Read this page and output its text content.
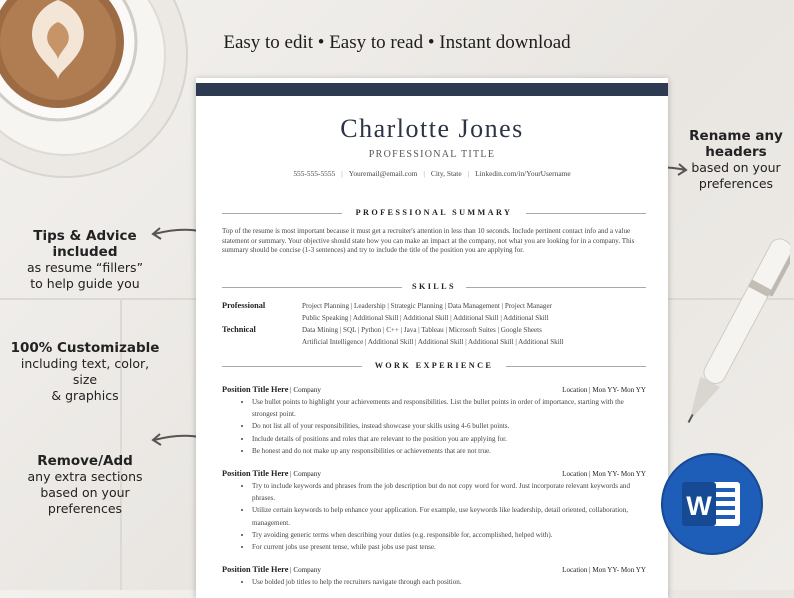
Easy to edit • Easy to read • Instant download
Tips & Advice included
as resume “fillers”
to help guide you
100% Customizable
including text, color, size
& graphics
Remove/Add
any extra sections
based on your
preferences
Rename any headers
based on your
preferences
Charlotte Jones
PROFESSIONAL TITLE
555-555-5555 | Youremail@email.com | City, State | Linkedin.com/in/YourUsername
PROFESSIONAL SUMMARY
Top of the resume is most important because it must get a recruiter's attention in less than 10 seconds. Include pertinent contact info and a value statement or summary. Your objective should state how you can make an impact at the company, not what you are looking for in a company. This summary should be concise (1-3 sentences) and try to include the title of the position you are applying for.
SKILLS
Professional	Project Planning | Leadership | Strategic Planning | Data Management | Project Manager
Public Speaking | Additional Skill | Additional Skill | Additional Skill | Additional Skill
Technical	Data Mining | SQL | Python | C++ | Java | Tableau | Microsoft Suites | Google Sheets
Artificial Intelligence | Additional Skill | Additional Skill | Additional Skill | Additional Skill
WORK EXPERIENCE
Position Title Here | Company	Location | Mon YY- Mon YY
• Use bullet points to highlight your achievements and responsibilities. List the bullet points in order of importance, starting with the strongest point.
• Do not list all of your responsibilities, instead showcase your skills using 4-6 bullet points.
• Include details of positions and roles that are relevant to the position you are applying for.
• Be honest and do not make up any responsibilities or achievements that are not true.
Position Title Here | Company	Location | Mon YY- Mon YY
• Try to include keywords and phrases from the job description but do not copy word for word. Just incorporate relevant keywords and phrases.
• Utilize certain keywords to help enhance your application. For example, use keywords like leadership, detail oriented, collaboration, management.
• Try avoiding generic terms when describing your duties (e.g. responsible for, accomplished, helped with).
• For current jobs use present tense, while past jobs use past tense.
Position Title Here | Company	Location | Mon YY- Mon YY
• Use bolded job titles to help the recruiters navigate through each position.
W
